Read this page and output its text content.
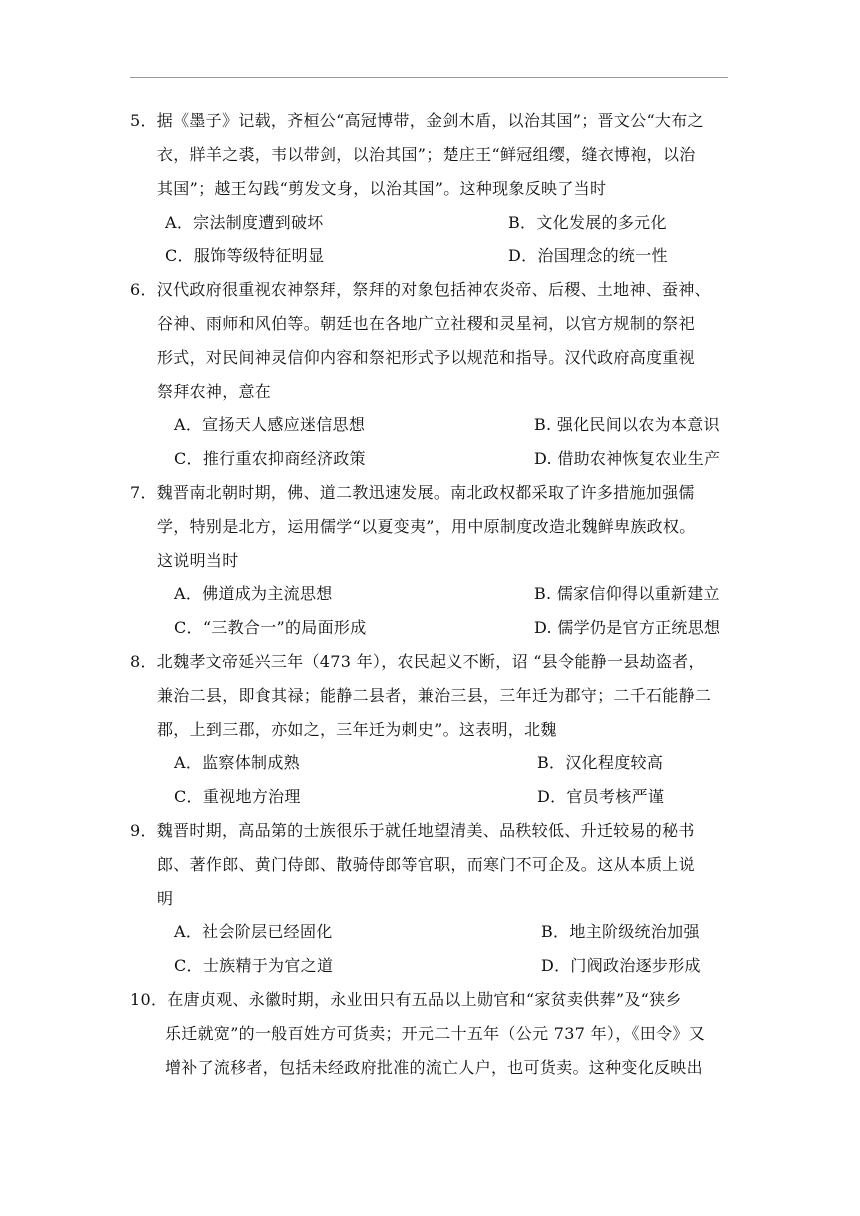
5．据《墨子》记载，齐桓公“高冠博带，金剑木盾，以治其国”；晋文公“大布之
衣，牂羊之裘，韦以带剑，以治其国”；楚庄王“鲜冠组缨，缝衣博袍，以治
其国”；越王勾践“剪发文身，以治其国”。这种现象反映了当时
A．宗法制度遭到破坏	B．文化发展的多元化
C．服饰等级特征明显	D．治国理念的统一性
6．汉代政府很重视农神祭拜，祭拜的对象包括神农炎帝、后稷、土地神、蚕神、
谷神、雨师和风伯等。朝廷也在各地广立社稷和灵星祠，以官方规制的祭祀
形式，对民间神灵信仰内容和祭祀形式予以规范和指导。汉代政府高度重视
祭拜农神，意在
A．宣扬天人感应迷信思想	B. 强化民间以农为本意识
C．推行重农抑商经济政策	D. 借助农神恢复农业生产
7．魏晋南北朝时期，佛、道二教迅速发展。南北政权都采取了许多措施加强儒
学，特别是北方，运用儒学“以夏变夷”，用中原制度改造北魏鲜卑族政权。
这说明当时
A．佛道成为主流思想	B. 儒家信仰得以重新建立
C．“三教合一”的局面形成	D. 儒学仍是官方正统思想
8．北魏孝文帝延兴三年（473 年），农民起义不断，诏 “县令能静一县劫盗者，
兼治二县，即食其禄；能静二县者，兼治三县，三年迁为郡守；二千石能静二
郡，上到三郡，亦如之，三年迁为刺史”。这表明，北魏
A．监察体制成熟	B．汉化程度较高
C．重视地方治理	D．官员考核严谨
9．魏晋时期，高品第的士族很乐于就任地望清美、品秩较低、升迁较易的秘书
郎、著作郎、黄门侍郎、散骑侍郎等官职，而寒门不可企及。这从本质上说
明
A．社会阶层已经固化	B．地主阶级统治加强
C．士族精于为官之道	D．门阀政治逐步形成
10．在唐贞观、永徽时期，永业田只有五品以上勋官和“家贫卖供葬”及“狭乡
乐迁就宽”的一般百姓方可货卖；开元二十五年（公元 737 年），《田令》又
增补了流移者，包括未经政府批准的流亡人户，也可货卖。这种变化反映出
